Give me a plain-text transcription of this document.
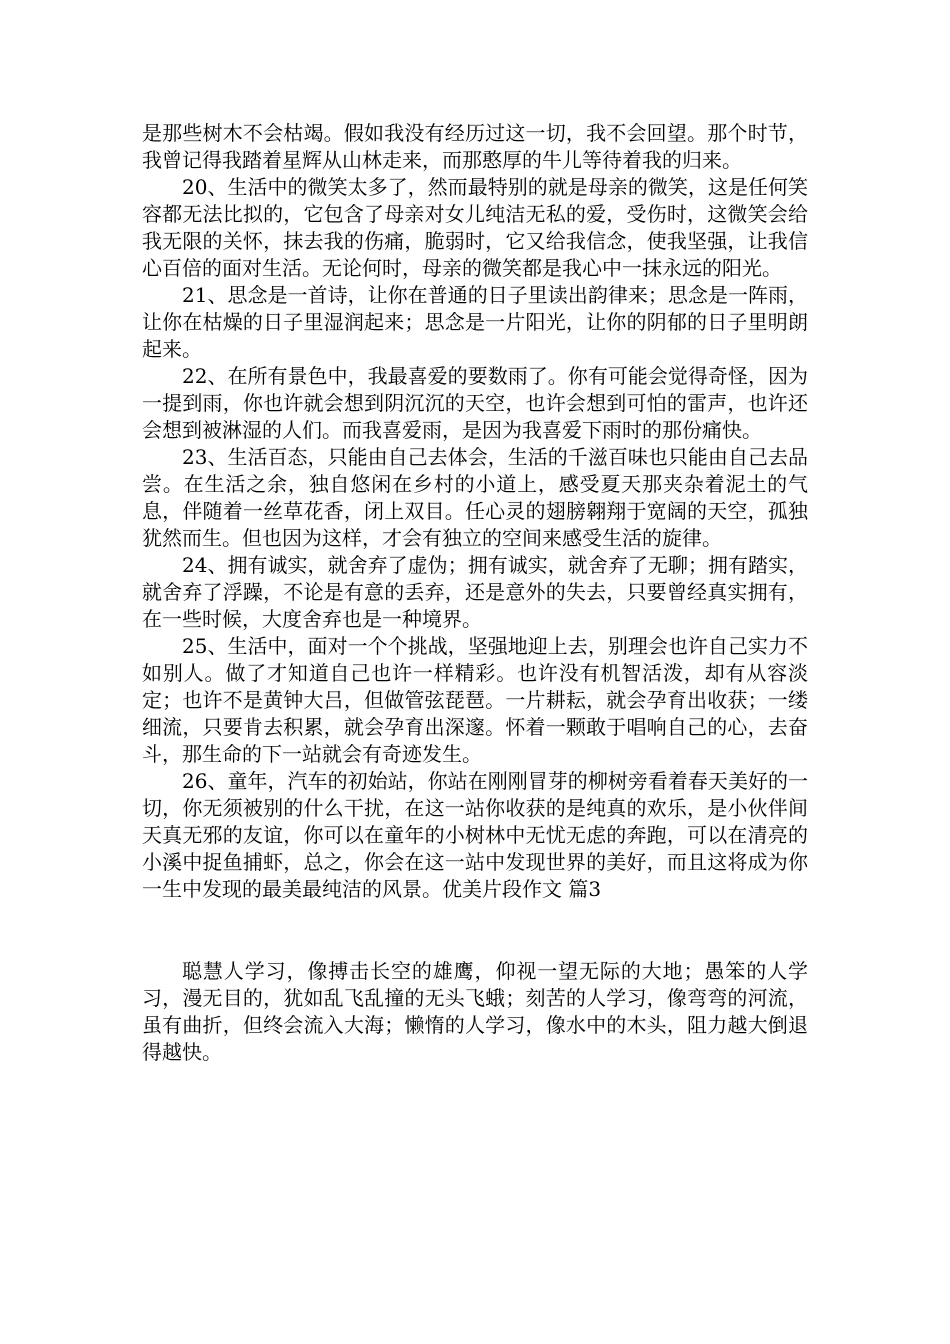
是那些树木不会枯竭。假如我没有经历过这一切，我不会回望。那个时节，我曾记得我踏着星辉从山林走来，而那憨厚的牛儿等待着我的归来。

20、生活中的微笑太多了，然而最特别的就是母亲的微笑，这是任何笑容都无法比拟的，它包含了母亲对女儿纯洁无私的爱，受伤时，这微笑会给我无限的关怀，抹去我的伤痛，脆弱时，它又给我信念，使我坚强，让我信心百倍的面对生活。无论何时，母亲的微笑都是我心中一抹永远的阳光。

21、思念是一首诗，让你在普通的日子里读出韵律来；思念是一阵雨，让你在枯燥的日子里湿润起来；思念是一片阳光，让你的阴郁的日子里明朗起来。

22、在所有景色中，我最喜爱的要数雨了。你有可能会觉得奇怪，因为一提到雨，你也许就会想到阴沉沉的天空，也许会想到可怕的雷声，也许还会想到被淋湿的人们。而我喜爱雨，是因为我喜爱下雨时的那份痛快。

23、生活百态，只能由自己去体会，生活的千滋百味也只能由自己去品尝。在生活之余，独自悠闲在乡村的小道上，感受夏天那夹杂着泥土的气息，伴随着一丝草花香，闭上双目。任心灵的翅膀翱翔于宽阔的天空，孤独犹然而生。但也因为这样，才会有独立的空间来感受生活的旋律。

24、拥有诚实，就舍弃了虚伪；拥有诚实，就舍弃了无聊；拥有踏实，就舍弃了浮躁，不论是有意的丢弃，还是意外的失去，只要曾经真实拥有，在一些时候，大度舍弃也是一种境界。

25、生活中，面对一个个挑战，坚强地迎上去，别理会也许自己实力不如别人。做了才知道自己也许一样精彩。也许没有机智活泼，却有从容淡定；也许不是黄钟大吕，但做管弦琵琶。一片耕耘，就会孕育出收获；一缕细流，只要肯去积累，就会孕育出深邃。怀着一颗敢于唱响自己的心，去奋斗，那生命的下一站就会有奇迹发生。

26、童年，汽车的初始站，你站在刚刚冒芽的柳树旁看着春天美好的一切，你无须被别的什么干扰，在这一站你收获的是纯真的欢乐，是小伙伴间天真无邪的友谊，你可以在童年的小树林中无忧无虑的奔跑，可以在清亮的小溪中捉鱼捕虾，总之，你会在这一站中发现世界的美好，而且这将成为你一生中发现的最美最纯洁的风景。优美片段作文 篇3

聪慧人学习，像搏击长空的雄鹰，仰视一望无际的大地；愚笨的人学习，漫无目的，犹如乱飞乱撞的无头飞蛾；刻苦的人学习，像弯弯的河流，虽有曲折，但终会流入大海；懒惰的人学习，像水中的木头，阻力越大倒退得越快。
